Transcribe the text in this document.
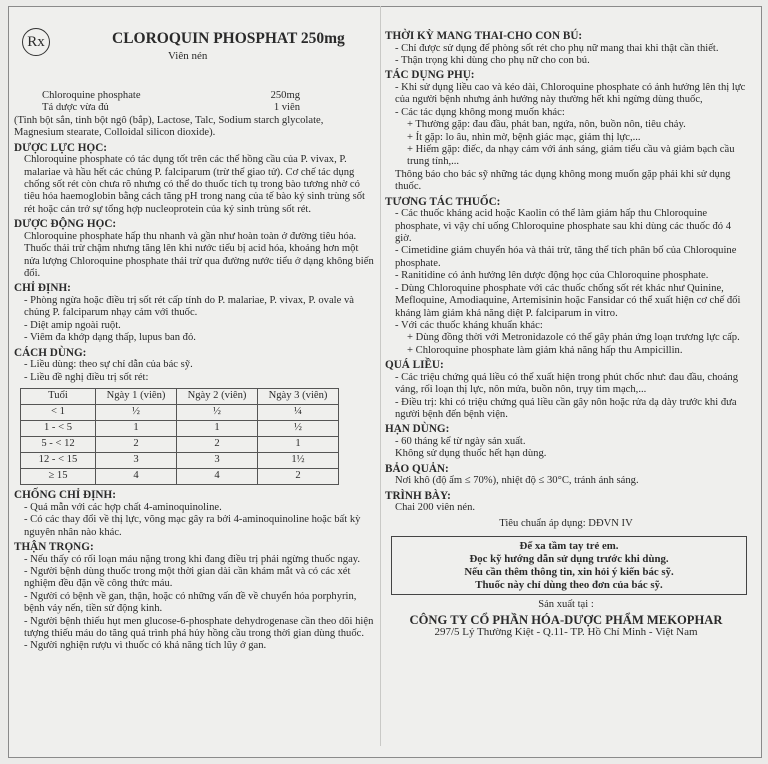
Rx	CLOROQUIN PHOSPHAT 250mg
Viên nén
Chloroquine phosphate	250mg
Tá dược vừa đủ	1 viên

(Tinh bột sắn, tinh bột ngô (bắp), Lactose, Talc, Sodium starch glycolate, Magnesium stearate, Colloidal silicon dioxide).

DƯỢC LỰC HỌC:

Chloroquine phosphate có tác dụng tốt trên các thể hồng cầu của P. vivax, P. malariae và hầu hết các chủng P. falciparum (trừ thể giao tử). Cơ chế tác dụng chống sốt rét còn chưa rõ nhưng có thể do thuốc tích tụ trong bào tương nhờ có tiêu hóa haemoglobin bằng cách tăng pH trong nang của tế bào ký sinh trùng sốt rét hoặc cản trở sự tổng hợp nucleoprotein của ký sinh trùng sốt rét.

DƯỢC ĐỘNG HỌC:

Chloroquine phosphate hấp thu nhanh và gần như hoàn toàn ở đường tiêu hóa. Thuốc thải trừ chậm nhưng tăng lên khi nước tiểu bị acid hóa, khoảng hơn một nửa lượng Chloroquine phosphate thải trừ qua đường nước tiểu ở dạng không biến đổi.

CHỈ ĐỊNH:

- Phòng ngừa hoặc điều trị sốt rét cấp tính do P. malariae, P. vivax, P. ovale và chủng P. falciparum nhạy cảm với thuốc.

- Diệt amip ngoài ruột.

- Viêm đa khớp dạng thấp, lupus ban đỏ.

CÁCH DÙNG:

- Liều dùng: theo sự chỉ dẫn của bác sỹ.

- Liều đề nghị điều trị sốt rét:

Tuổi	Ngày 1 (viên)	Ngày 2 (viên)	Ngày 3 (viên)
< 1	½	½	¼
1 - < 5	1	1	½
5 - < 12	2	2	1
12 - < 15	3	3	1½
≥ 15	4	4	2
CHỐNG CHỈ ĐỊNH:

- Quá mẫn với các hợp chất 4-aminoquinoline.

- Có các thay đổi về thị lực, võng mạc gây ra bởi 4-aminoquinoline hoặc bất kỳ nguyên nhân nào khác.

THẬN TRỌNG:

- Nếu thấy có rối loạn máu nặng trong khi đang điều trị phải ngừng thuốc ngay.

- Người bệnh dùng thuốc trong một thời gian dài cần khám mắt và có các xét nghiệm đều đặn về công thức máu.

- Người có bệnh về gan, thận, hoặc có những vấn đề về chuyển hóa porphyrin, bệnh vảy nến, tiền sử động kinh.

- Người bệnh thiếu hụt men glucose-6-phosphate dehydrogenase cần theo dõi hiện tượng thiếu máu do tăng quá trình phá hủy hồng cầu trong thời gian dùng thuốc.

- Người nghiện rượu vì thuốc có khả năng tích lũy ở gan.

THỜI KỲ MANG THAI-CHO CON BÚ:

- Chỉ được sử dụng để phòng sốt rét cho phụ nữ mang thai khi thật cần thiết.

- Thận trọng khi dùng cho phụ nữ cho con bú.

TÁC DỤNG PHỤ:

- Khi sử dụng liều cao và kéo dài, Chloroquine phosphate có ảnh hưởng lên thị lực của người bệnh nhưng ảnh hưởng này thường hết khi ngừng dùng thuốc,

- Các tác dụng không mong muốn khác:

+ Thường gặp: đau đầu, phát ban, ngứa, nôn, buồn nôn, tiêu chảy.

+ Ít gặp: lo âu, nhìn mờ, bệnh giác mạc, giảm thị lực,...

+ Hiếm gặp: điếc, da nhạy cảm với ánh sáng, giảm tiểu cầu và giảm bạch cầu trung tính,...

Thông báo cho bác sỹ những tác dụng không mong muốn gặp phải khi sử dụng thuốc.

TƯƠNG TÁC THUỐC:

- Các thuốc kháng acid hoặc Kaolin có thể làm giảm hấp thu Chloroquine phosphate, vì vậy chỉ uống Chloroquine phosphate sau khi dùng các thuốc đó 4 giờ.

- Cimetidine giảm chuyển hóa và thải trừ, tăng thể tích phân bố của Chloroquine phosphate.

- Ranitidine có ảnh hưởng lên dược động học của Chloroquine phosphate.

- Dùng Chloroquine phosphate với các thuốc chống sốt rét khác như Quinine, Mefloquine, Amodiaquine, Artemisinin hoặc Fansidar có thể xuất hiện cơ chế đối kháng làm giảm khả năng diệt P. falciparum in vitro.

- Với các thuốc kháng khuẩn khác:

+ Dùng đồng thời với Metronidazole có thể gây phản ứng loạn trương lực cấp.

+ Chloroquine phosphate làm giảm khả năng hấp thu Ampicillin.

QUÁ LIỀU:

- Các triệu chứng quá liều có thể xuất hiện trong phút chốc như: đau đầu, choáng váng, rối loạn thị lực, nôn mửa, buồn nôn, trụy tim mạch,...

- Điều trị: khi có triệu chứng quá liều cần gây nôn hoặc rửa dạ dày trước khi đưa người bệnh đến bệnh viện.

HẠN DÙNG:

- 60 tháng kể từ ngày sản xuất.

Không sử dụng thuốc hết hạn dùng.

BẢO QUẢN:

Nơi khô (độ ẩm ≤ 70%), nhiệt độ ≤ 30°C, tránh ánh sáng.

TRÌNH BÀY:

Chai 200 viên nén.

Tiêu chuẩn áp dụng: DĐVN IV

Để xa tầm tay trẻ em.
Đọc kỹ hướng dẫn sử dụng trước khi dùng.
Nếu cần thêm thông tin, xin hỏi ý kiến bác sỹ.
Thuốc này chỉ dùng theo đơn của bác sỹ.

Sản xuất tại :

CÔNG TY CỔ PHẦN HÓA-DƯỢC PHẨM MEKOPHAR
297/5 Lý Thường Kiệt - Q.11- TP. Hồ Chí Minh - Việt Nam
